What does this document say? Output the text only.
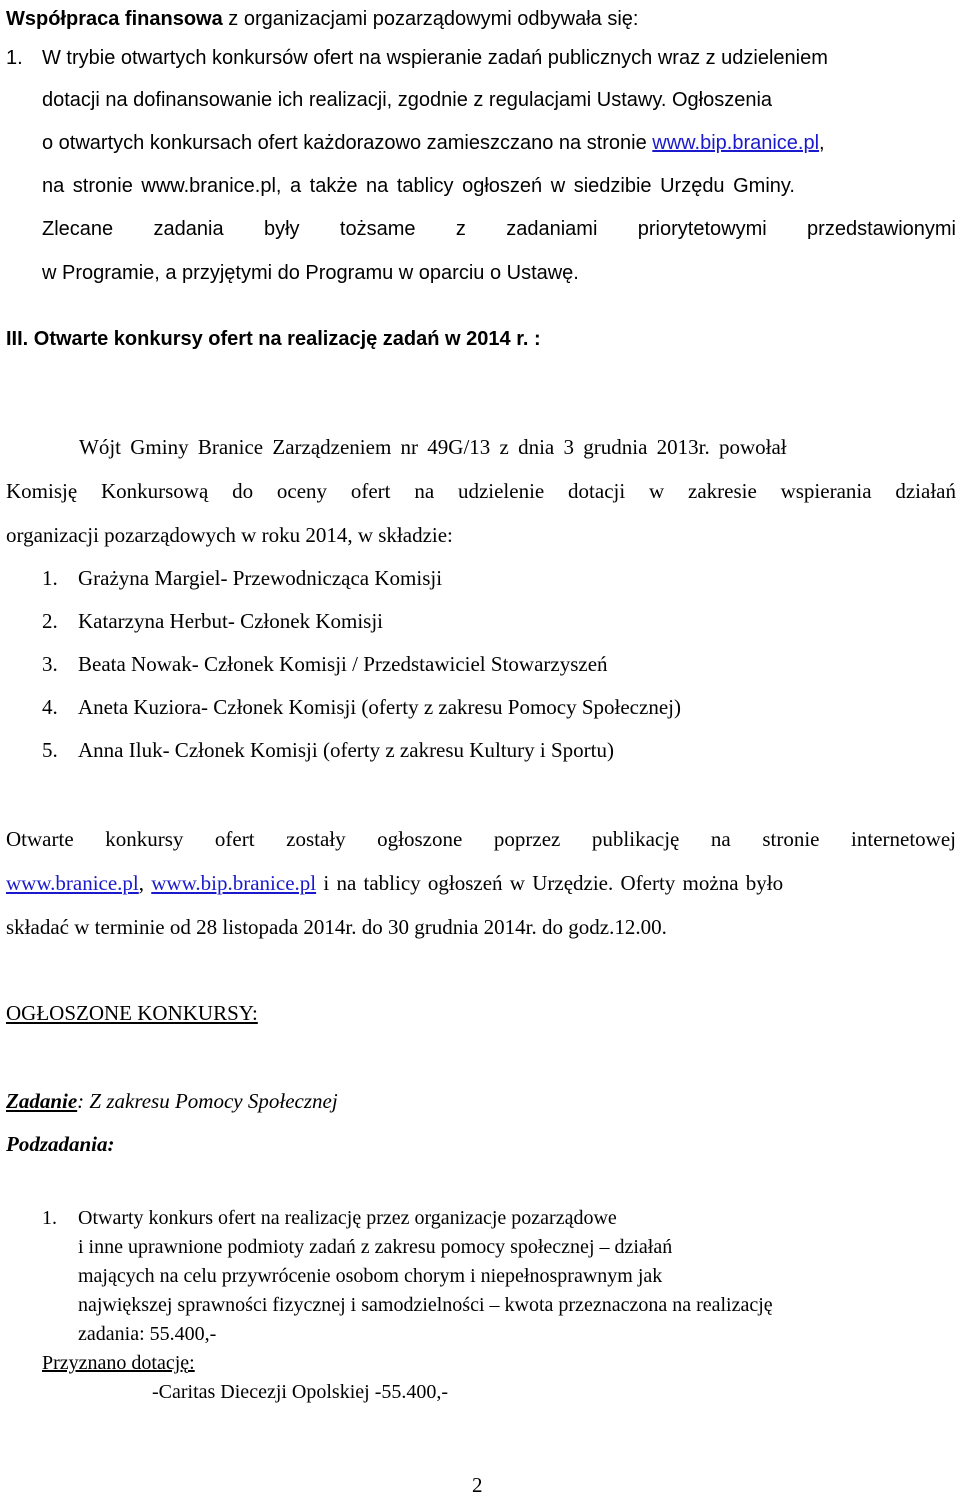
Współpraca finansowa z organizacjami pozarządowymi odbywała się:
1. W trybie otwartych konkursów ofert na wspieranie zadań publicznych wraz z udzieleniem
dotacji na dofinansowanie ich realizacji, zgodnie z regulacjami Ustawy. Ogłoszenia
o otwartych konkursach ofert każdorazowo zamieszczano na stronie www.bip.branice.pl,
na stronie www.branice.pl, a także na tablicy ogłoszeń w siedzibie Urzędu Gminy.
Zlecane zadania były tożsame z zadaniami priorytetowymi przedstawionymi
w Programie, a przyjętymi do Programu w oparciu o Ustawę.
III. Otwarte konkursy ofert na realizację zadań w 2014 r. :
Wójt Gminy Branice Zarządzeniem nr 49G/13 z dnia 3 grudnia 2013r. powołał
Komisję Konkursową do oceny ofert na udzielenie dotacji w zakresie wspierania działań
organizacji pozarządowych w roku 2014, w składzie:
1. Grażyna Margiel- Przewodnicząca Komisji
2. Katarzyna Herbut- Członek Komisji
3. Beata Nowak- Członek Komisji / Przedstawiciel Stowarzyszeń
4. Aneta Kuziora- Członek Komisji (oferty z zakresu Pomocy Społecznej)
5. Anna Iluk- Członek Komisji (oferty z zakresu Kultury i Sportu)
Otwarte konkursy ofert zostały ogłoszone poprzez publikację na stronie internetowej
www.branice.pl, www.bip.branice.pl i na tablicy ogłoszeń w Urzędzie. Oferty można było
składać w terminie od 28 listopada 2014r. do 30 grudnia 2014r. do godz.12.00.
OGŁOSZONE KONKURSY:
Zadanie: Z zakresu Pomocy Społecznej
Podzadania:
1. Otwarty konkurs ofert na realizację przez organizacje pozarządowe
i inne uprawnione podmioty zadań z zakresu pomocy społecznej – działań
mających na celu przywrócenie osobom chorym i niepełnosprawnym jak
największej sprawności fizycznej i samodzielności – kwota przeznaczona na realizację
zadania: 55.400,-
Przyznano dotację:
-Caritas Diecezji Opolskiej -55.400,-
2
